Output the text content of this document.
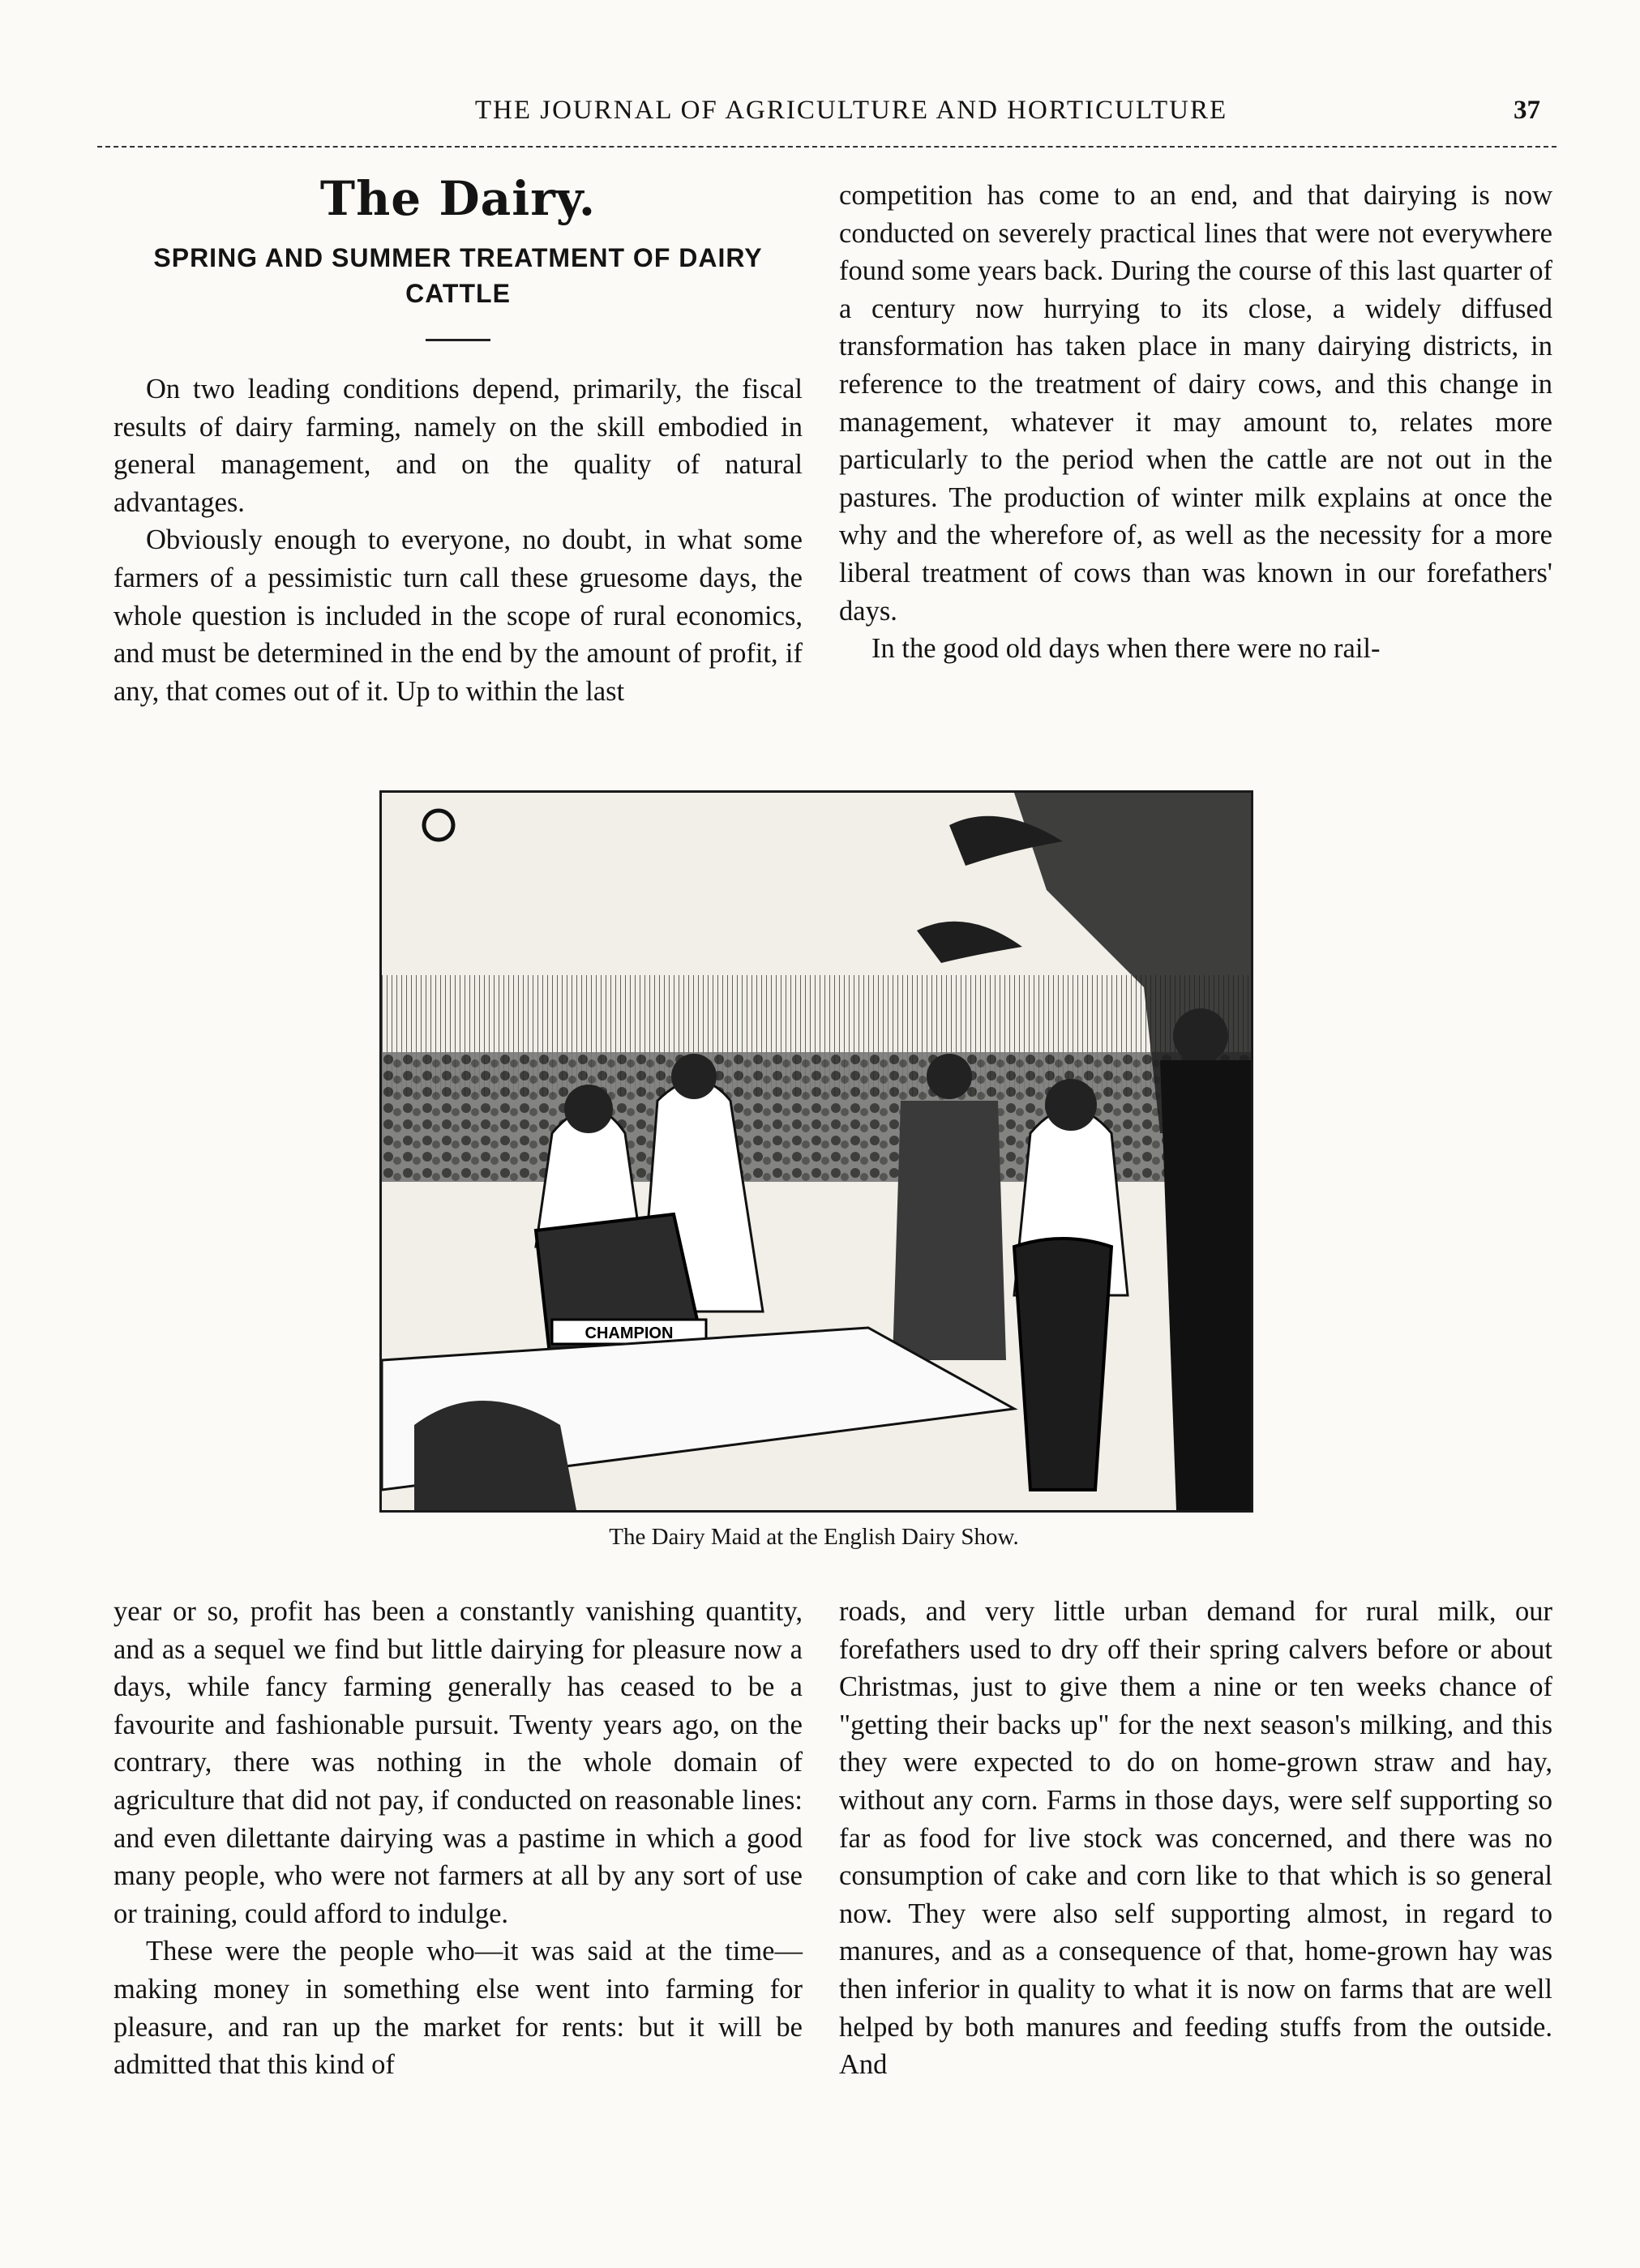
THE JOURNAL OF AGRICULTURE AND HORTICULTURE	37
The Dairy.
SPRING AND SUMMER TREATMENT OF DAIRY CATTLE

On two leading conditions depend, primarily, the fiscal results of dairy farming, namely on the skill embodied in general management, and on the quality of natural advantages.

Obviously enough to everyone, no doubt, in what some farmers of a pessimistic turn call these gruesome days, the whole question is included in the scope of rural economics, and must be determined in the end by the amount of profit, if any, that comes out of it. Up to within the last

competition has come to an end, and that dairying is now conducted on severely practical lines that were not everywhere found some years back. During the course of this last quarter of a century now hurrying to its close, a widely diffused transformation has taken place in many dairying districts, in reference to the treatment of dairy cows, and this change in management, whatever it may amount to, relates more particularly to the period when the cattle are not out in the pastures. The production of winter milk explains at once the why and the wherefore of, as well as the necessity for a more liberal treatment of cows than was known in our forefathers' days.

In the good old days when there were no rail-

CHAMPION
The Dairy Maid at the English Dairy Show.

year or so, profit has been a constantly vanishing quantity, and as a sequel we find but little dairying for pleasure now a days, while fancy farming generally has ceased to be a favourite and fashionable pursuit. Twenty years ago, on the contrary, there was nothing in the whole domain of agriculture that did not pay, if conducted on reasonable lines: and even dilettante dairying was a pastime in which a good many people, who were not farmers at all by any sort of use or training, could afford to indulge.

These were the people who—it was said at the time—making money in something else went into farming for pleasure, and ran up the market for rents: but it will be admitted that this kind of

roads, and very little urban demand for rural milk, our forefathers used to dry off their spring calvers before or about Christmas, just to give them a nine or ten weeks chance of "getting their backs up" for the next season's milking, and this they were expected to do on home-grown straw and hay, without any corn. Farms in those days, were self supporting so far as food for live stock was concerned, and there was no consumption of cake and corn like to that which is so general now. They were also self supporting almost, in regard to manures, and as a consequence of that, home-grown hay was then inferior in quality to what it is now on farms that are well helped by both manures and feeding stuffs from the outside. And
